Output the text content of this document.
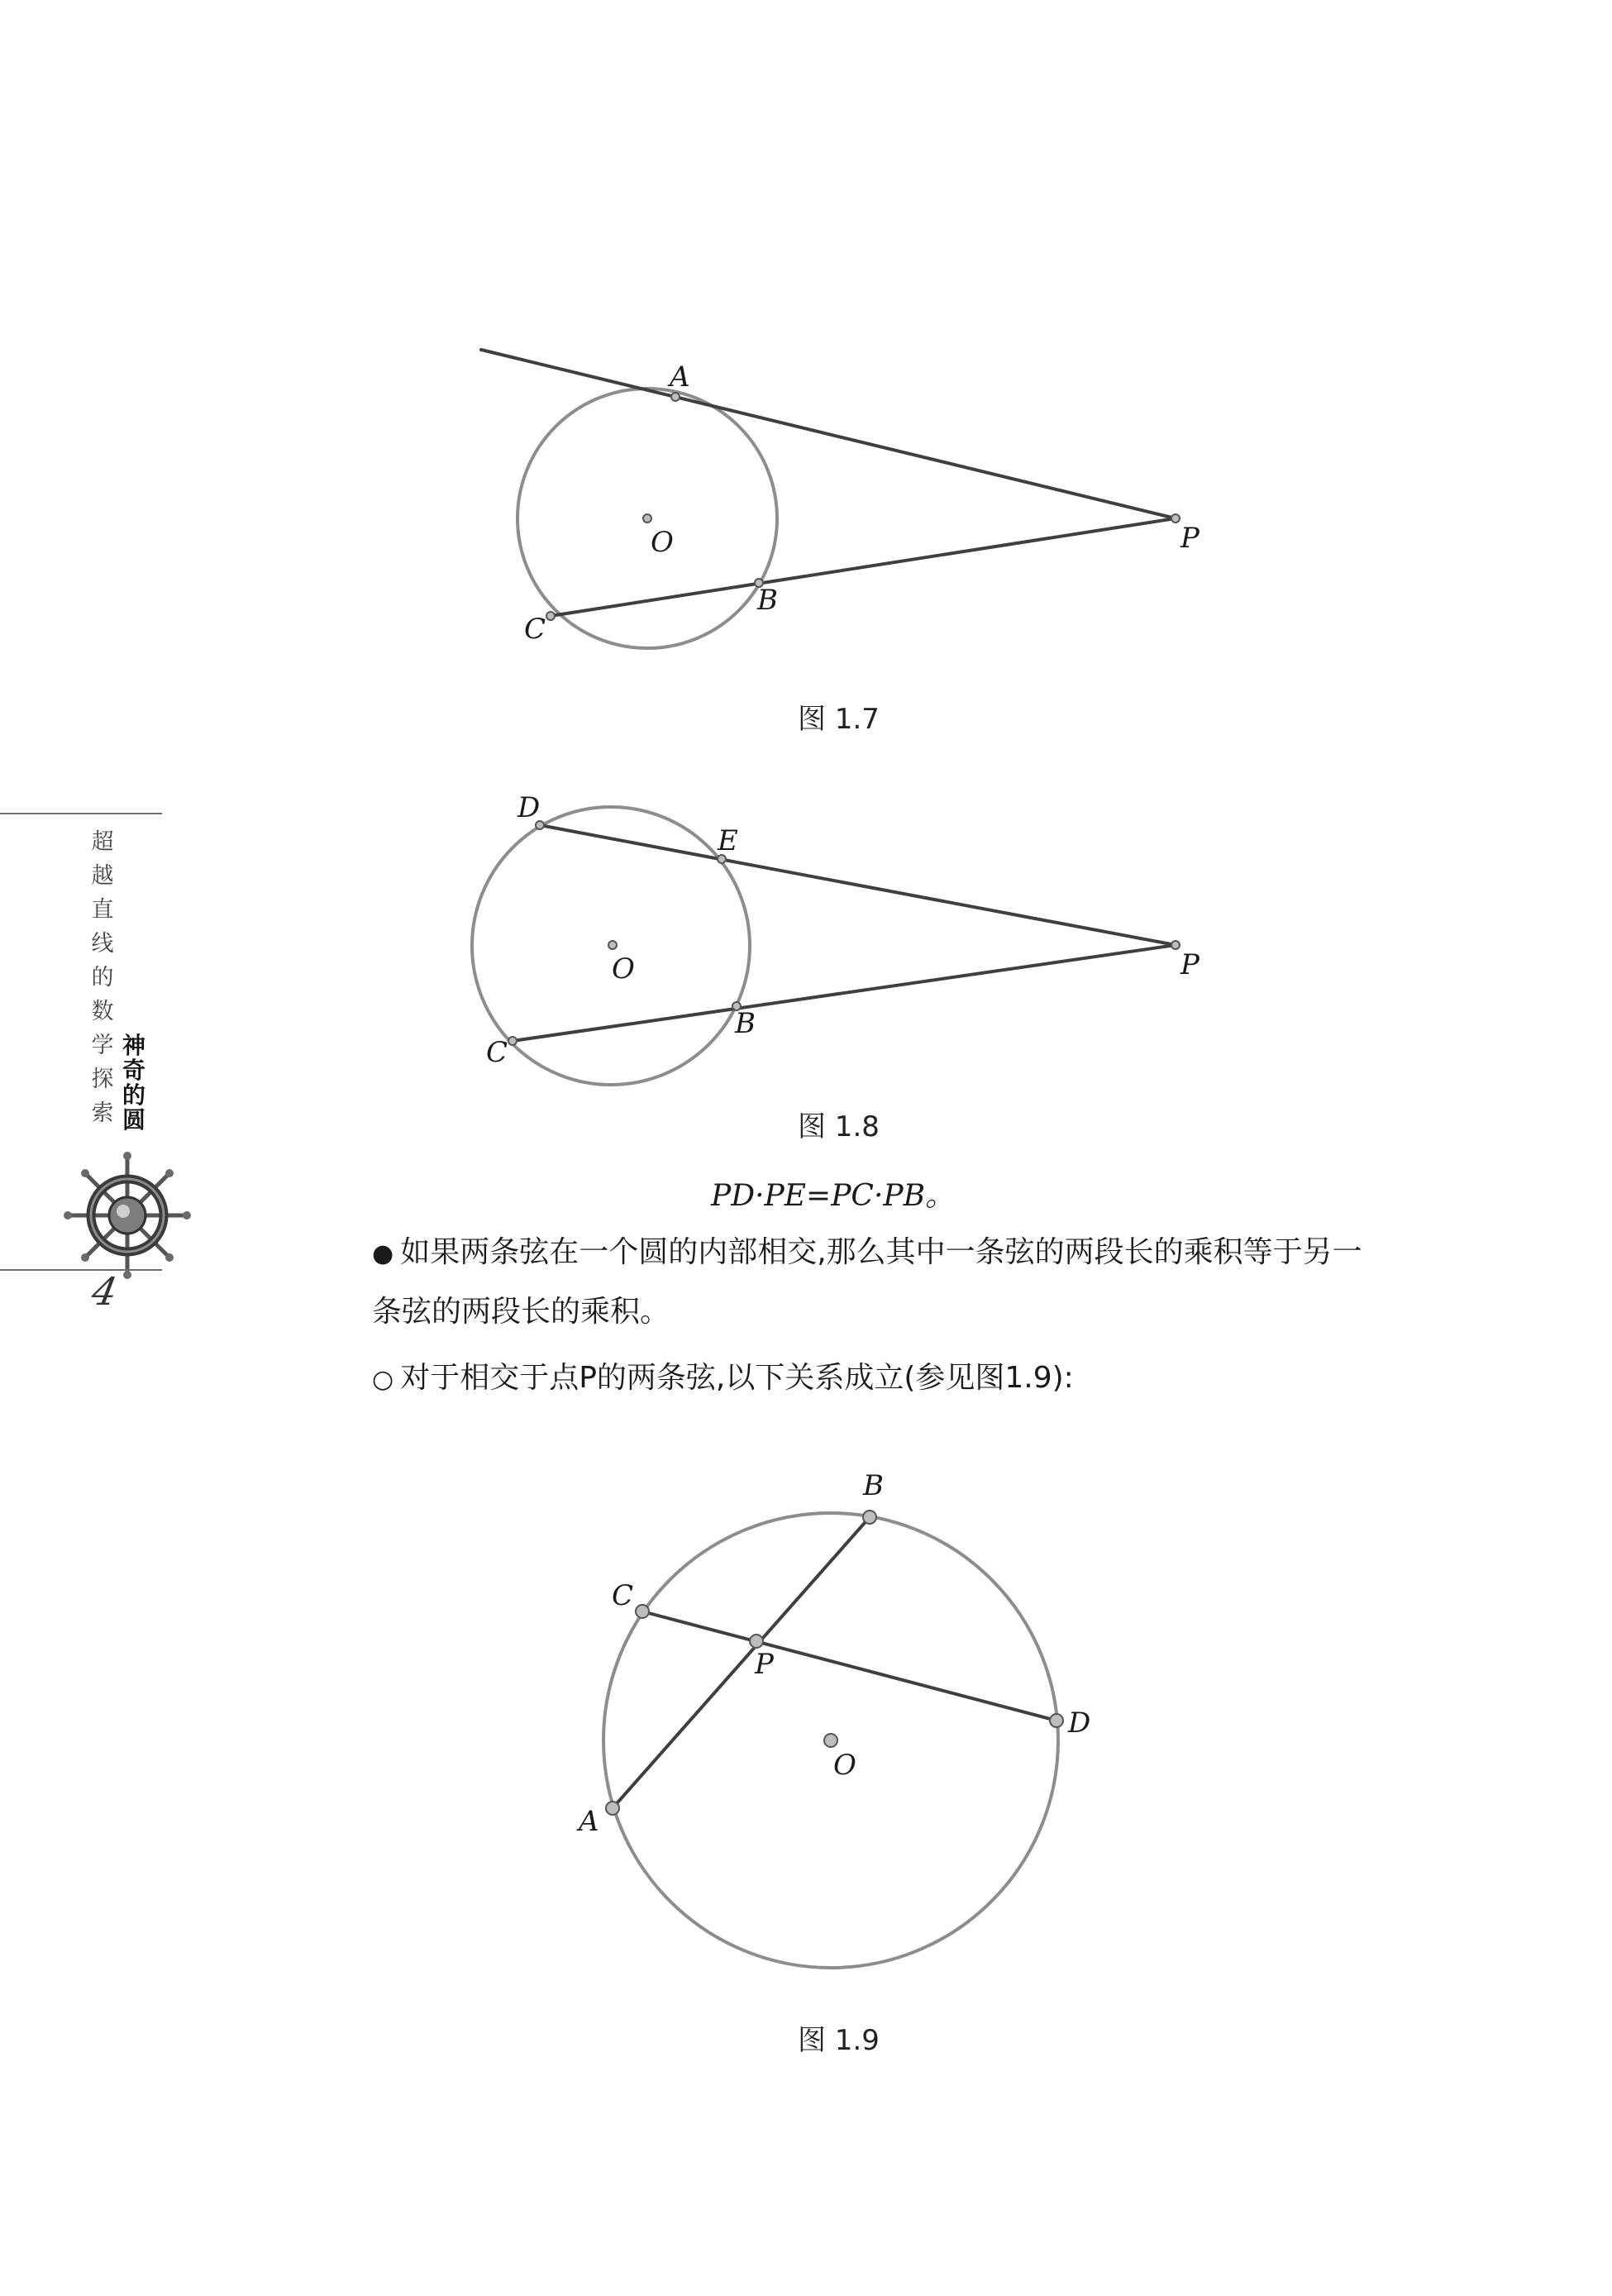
A
O	P
B
C
图 1.7
D
E
O	P
B
C
图 1.8
PD·PE=PC·PB。
● 如果两条弦在一个圆的内部相交,那么其中一条弦的两段长的乘积等于另一条弦的两段长的乘积。
○ 对于相交于点P的两条弦,以下关系成立(参见图1.9):
B
C
P
D
O
A
图 1.9
超越直线的数学探索
神奇的圆
4
